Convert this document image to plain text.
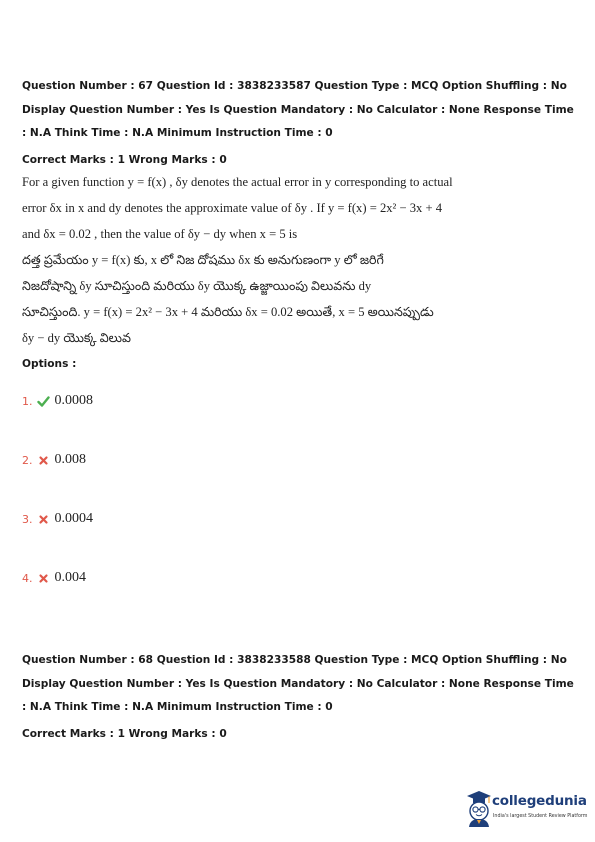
Question Number : 67 Question Id : 3838233587 Question Type : MCQ Option Shuffling : No
Display Question Number : Yes Is Question Mandatory : No Calculator : None Response Time
: N.A Think Time : N.A Minimum Instruction Time : 0
Correct Marks : 1 Wrong Marks : 0
For a given function y = f(x) , δy denotes the actual error in y corresponding to actual
error δx in x and dy denotes the approximate value of δy . If y = f(x) = 2x² − 3x + 4
and δx = 0.02 , then the value of δy − dy when x = 5 is
దత్త ప్రమేయం y = f(x) కు, x లో నిజ దోషము δx కు అనుగుణంగా y లో జరిగే
నిజదోషాన్ని δy సూచిస్తుంది మరియు δy యొక్క ఉజ్జాయింపు విలువను dy
సూచిస్తుంది. y = f(x) = 2x² − 3x + 4 మరియు δx = 0.02 అయితే, x = 5 అయినప్పుడు
δy − dy యొక్క విలువ
Options :
1. 0.0008
2. 0.008
3. 0.0004
4. 0.004
Question Number : 68 Question Id : 3838233588 Question Type : MCQ Option Shuffling : No
Display Question Number : Yes Is Question Mandatory : No Calculator : None Response Time
: N.A Think Time : N.A Minimum Instruction Time : 0
Correct Marks : 1 Wrong Marks : 0
collegedunia
India's largest Student Review Platform
